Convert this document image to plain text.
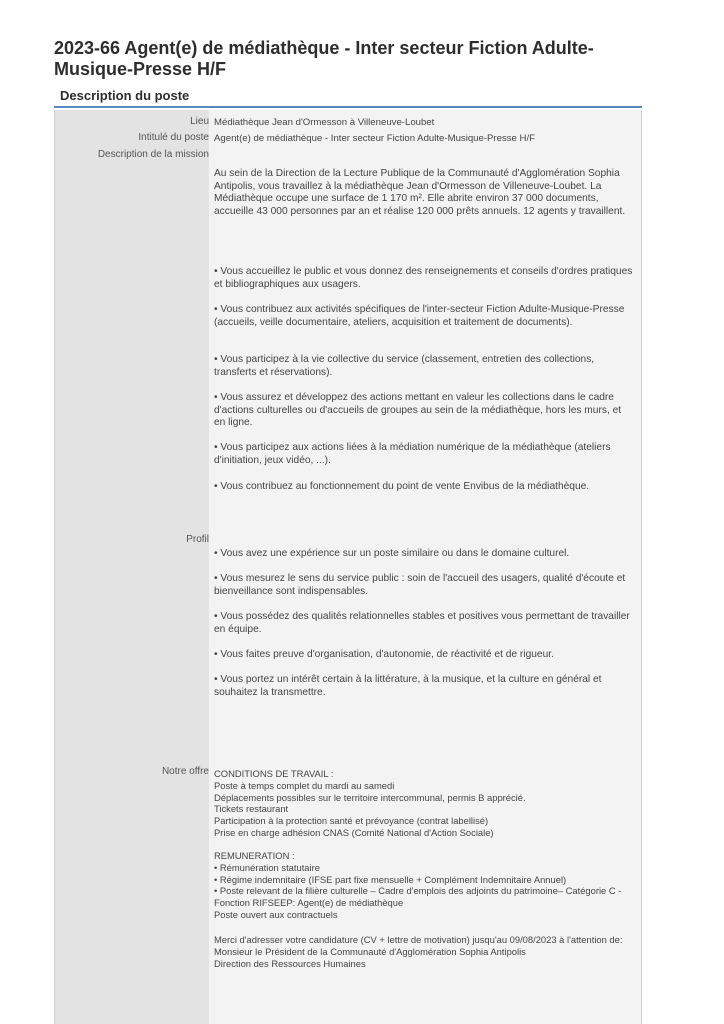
2023-66 Agent(e) de médiathèque - Inter secteur Fiction Adulte-Musique-Presse H/F
Description du poste
Lieu Médiathèque Jean d'Ormesson à Villeneuve-Loubet
Intitulé du poste Agent(e) de médiathèque - Inter secteur Fiction Adulte-Musique-Presse H/F
Description de la mission

Au sein de la Direction de la Lecture Publique de la Communauté d'Agglomération Sophia Antipolis, vous travaillez à la médiathèque Jean d'Ormesson de Villeneuve-Loubet. La Médiathèque occupe une surface de 1 170 m². Elle abrite environ 37 000 documents, accueille 43 000 personnes par an et réalise 120 000 prêts annuels. 12 agents y travaillent.

• Vous accueillez le public et vous donnez des renseignements et conseils d'ordres pratiques et bibliographiques aux usagers.

• Vous contribuez aux activités spécifiques de l'inter-secteur Fiction Adulte-Musique-Presse (accueils, veille documentaire, ateliers, acquisition et traitement de documents).

• Vous participez à la vie collective du service (classement, entretien des collections, transferts et réservations).

• Vous assurez et développez des actions mettant en valeur les collections dans le cadre d'actions culturelles ou d'accueils de groupes au sein de la médiathèque, hors les murs, et en ligne.

• Vous participez aux actions liées à la médiation numérique de la médiathèque (ateliers d'initiation, jeux vidéo, ...).

• Vous contribuez au fonctionnement du point de vente Envibus de la médiathèque.

Profil

• Vous avez une expérience sur un poste similaire ou dans le domaine culturel.

• Vous mesurez le sens du service public : soin de l'accueil des usagers, qualité d'écoute et bienveillance sont indispensables.

• Vous possédez des qualités relationnelles stables et positives vous permettant de travailler en équipe.

• Vous faites preuve d'organisation, d'autonomie, de réactivité et de rigueur.

• Vous portez un intérêt certain à la littérature, à la musique, et la culture en général et souhaitez la transmettre.

Notre offre CONDITIONS DE TRAVAIL :
Poste à temps complet du mardi au samedi
Déplacements possibles sur le territoire intercommunal, permis B apprécié.
Tickets restaurant
Participation à la protection santé et prévoyance (contrat labellisé)
Prise en charge adhésion CNAS (Comité National d'Action Sociale)
REMUNERATION :
• Rémunération statutaire
• Régime indemnitaire (IFSE part fixe mensuelle + Complément Indemnitaire Annuel)
• Poste relevant de la filière culturelle – Cadre d'emplois des adjoints du patrimoine– Catégorie C - Fonction RIFSEEP: Agent(e) de médiathèque
Poste ouvert aux contractuels
Merci d'adresser votre candidature (CV + lettre de motivation) jusqu'au 09/08/2023 à l'attention de:
Monsieur le Président de la Communauté d'Agglomération Sophia Antipolis
Direction des Ressources Humaines
